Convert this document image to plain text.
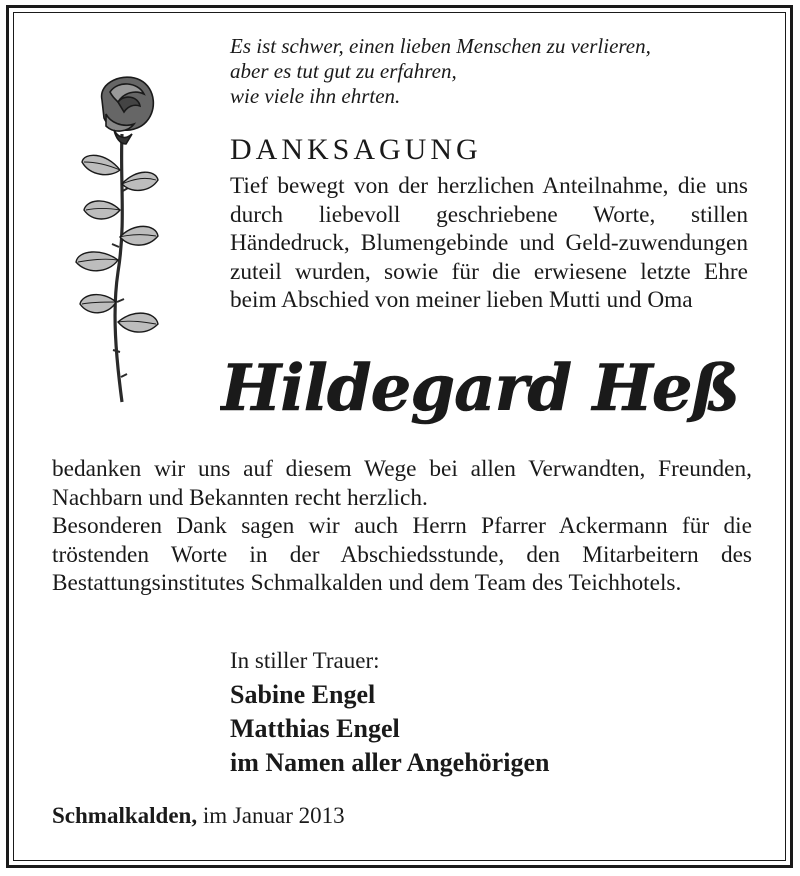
Es ist schwer, einen lieben Menschen zu verlieren,
aber es tut gut zu erfahren,
wie viele ihn ehrten.
DANKSAGUNG
Tief bewegt von der herzlichen Anteilnahme, die uns durch liebevoll geschriebene Worte, stillen Händedruck, Blumengebinde und Geld-zuwendungen zuteil wurden, sowie für die erwiesene letzte Ehre beim Abschied von meiner lieben Mutti und Oma
Hildegard Heß
bedanken wir uns auf diesem Wege bei allen Verwandten, Freunden, Nachbarn und Bekannten recht herzlich.
Besonderen Dank sagen wir auch Herrn Pfarrer Ackermann für die tröstenden Worte in der Abschiedsstunde, den Mitarbeitern des Bestattungsinstitutes Schmalkalden und dem Team des Teichhotels.
In stiller Trauer:
Sabine Engel
Matthias Engel
im Namen aller Angehörigen
Schmalkalden, im Januar 2013
